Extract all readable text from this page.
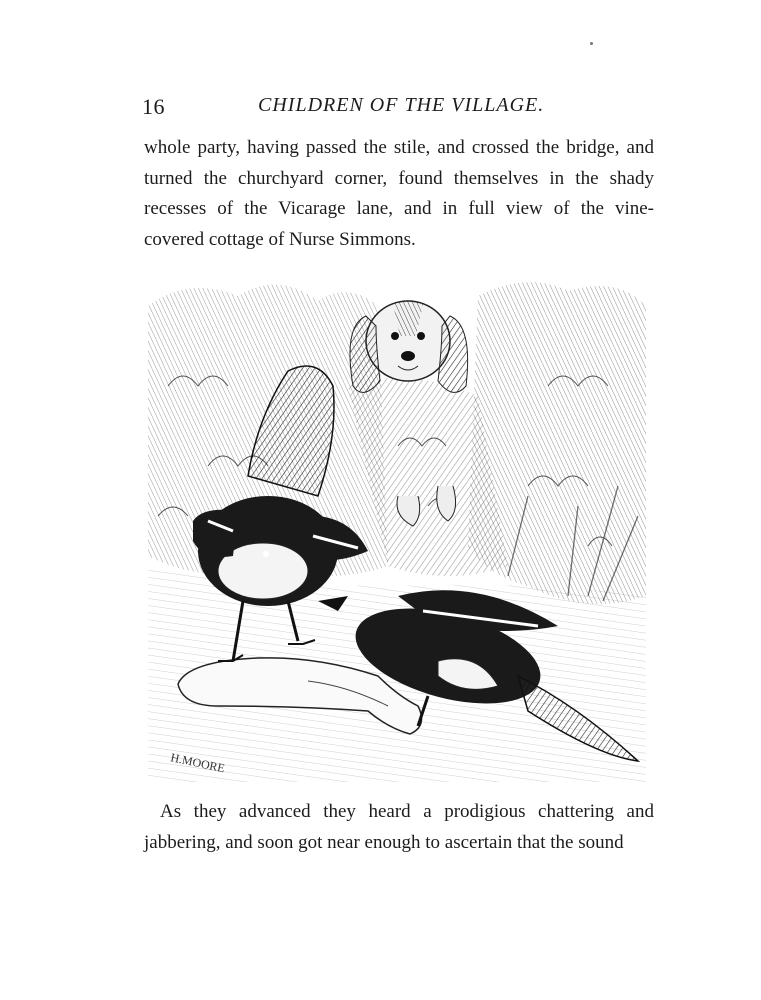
16	CHILDREN OF THE VILLAGE.
whole party, having passed the stile, and crossed the bridge, and
turned the churchyard corner, found themselves in the shady
recesses of the Vicarage lane, and in full view of the vine-
covered cottage of Nurse Simmons.
H.MOORE
As they advanced they heard a prodigious chattering and
jabbering, and soon got near enough to ascertain that the sound
